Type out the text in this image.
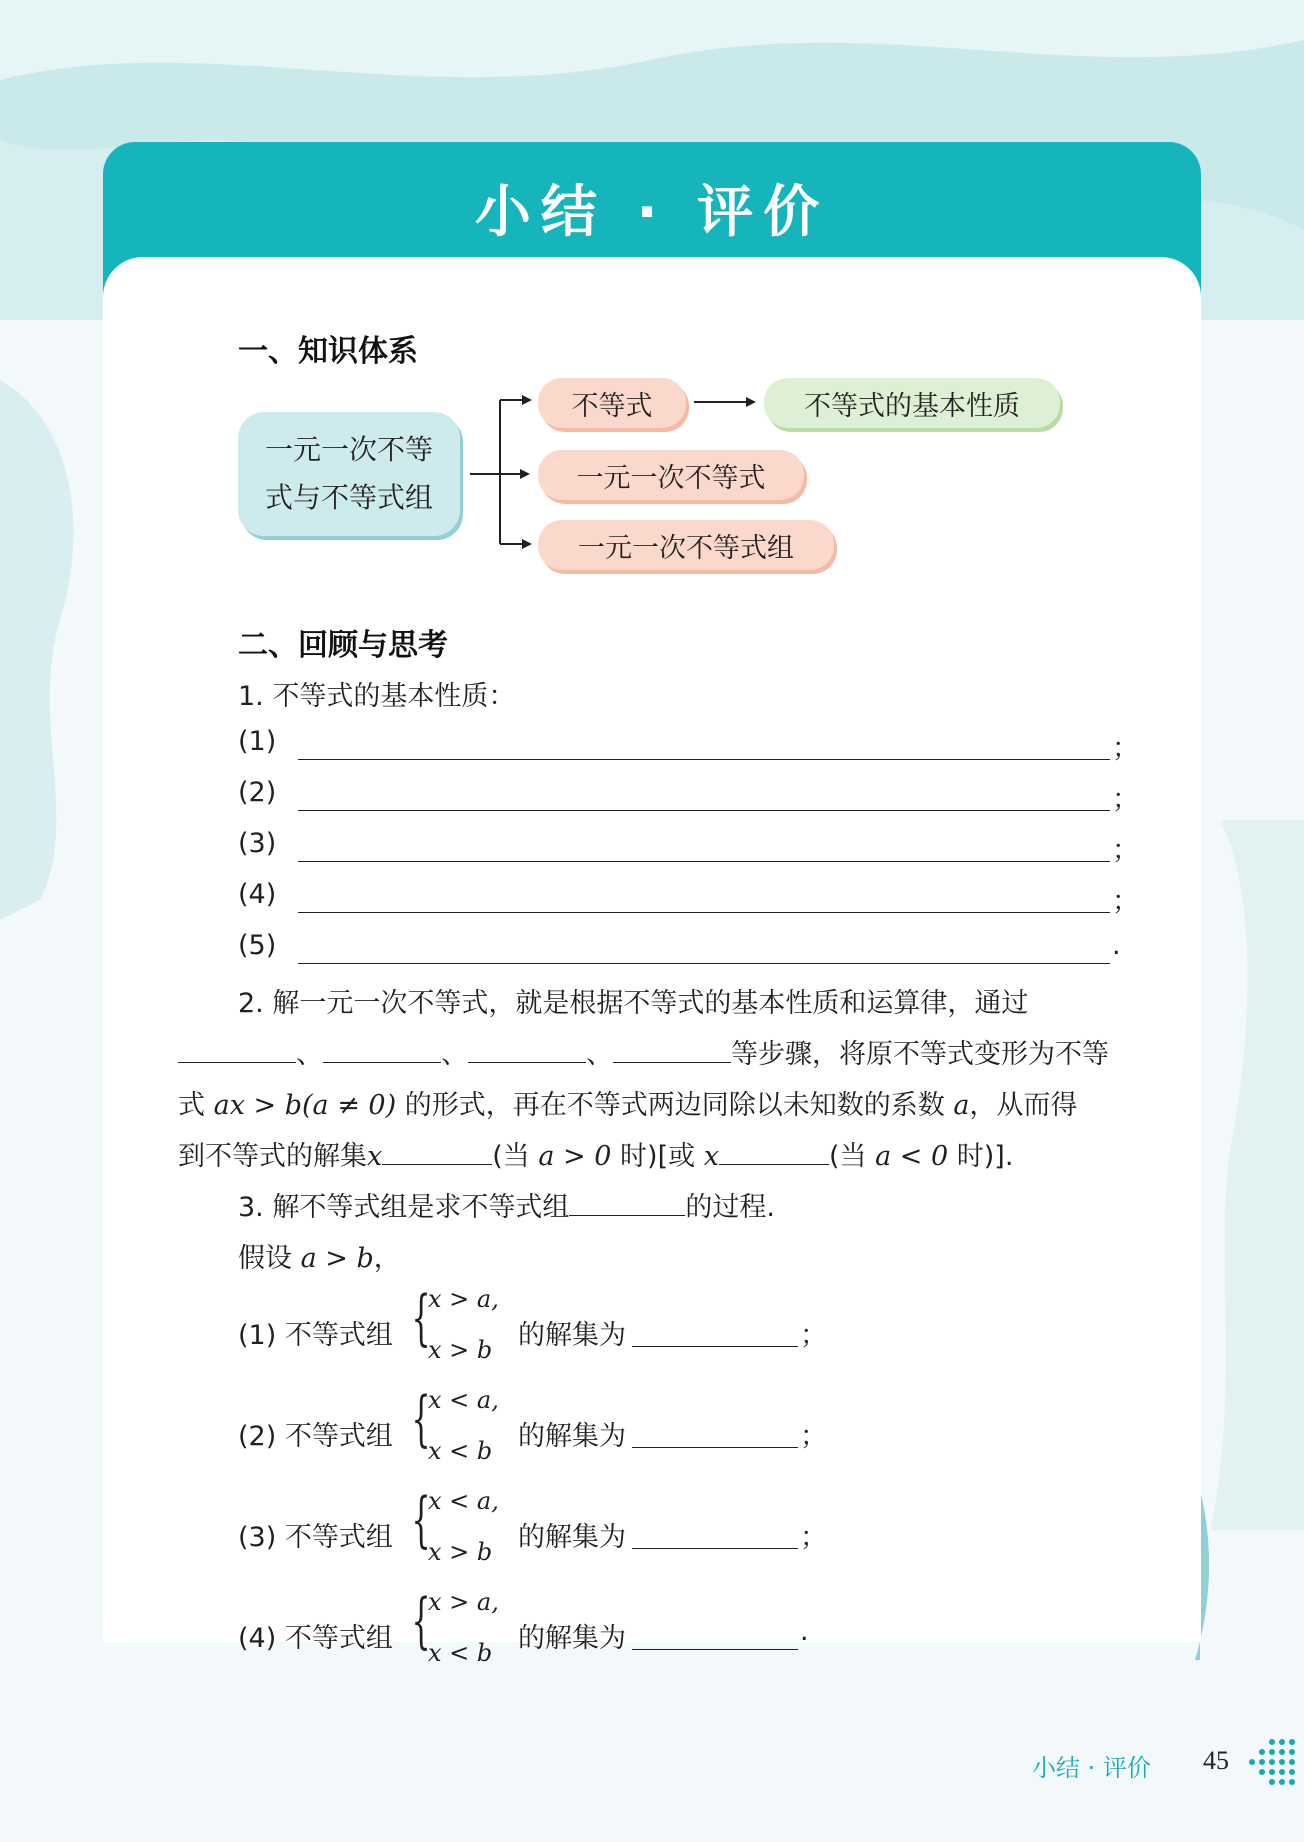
小结 · 评价
一、知识体系
一元一次不等
式与不等式组
不等式	不等式的基本性质
一元一次不等式
一元一次不等式组
二、回顾与思考
1. 不等式的基本性质：
(1)	；
(2)	；
(3)	；
(4)	；
(5)	.
2. 解一元一次不等式，就是根据不等式的基本性质和运算律，通过
、	、	、	等步骤，将原不等式变形为不等
式 ax > b(a ≠ 0) 的形式，再在不等式两边同除以未知数的系数 a，从而得
到不等式的解集x	(当 a > 0 时)[或 x	(当 a < 0 时)].
3. 解不等式组是求不等式组	的过程.
假设 a > b，
(1) 不等式组 {
x > a,
x > b 的解集为	；
(2) 不等式组 {
x < a,
x < b 的解集为	；
(3) 不等式组 {
x < a,
x > b 的解集为	；
(4) 不等式组 {
x > a,
x < b 的解集为	.
小结 · 评价 45
